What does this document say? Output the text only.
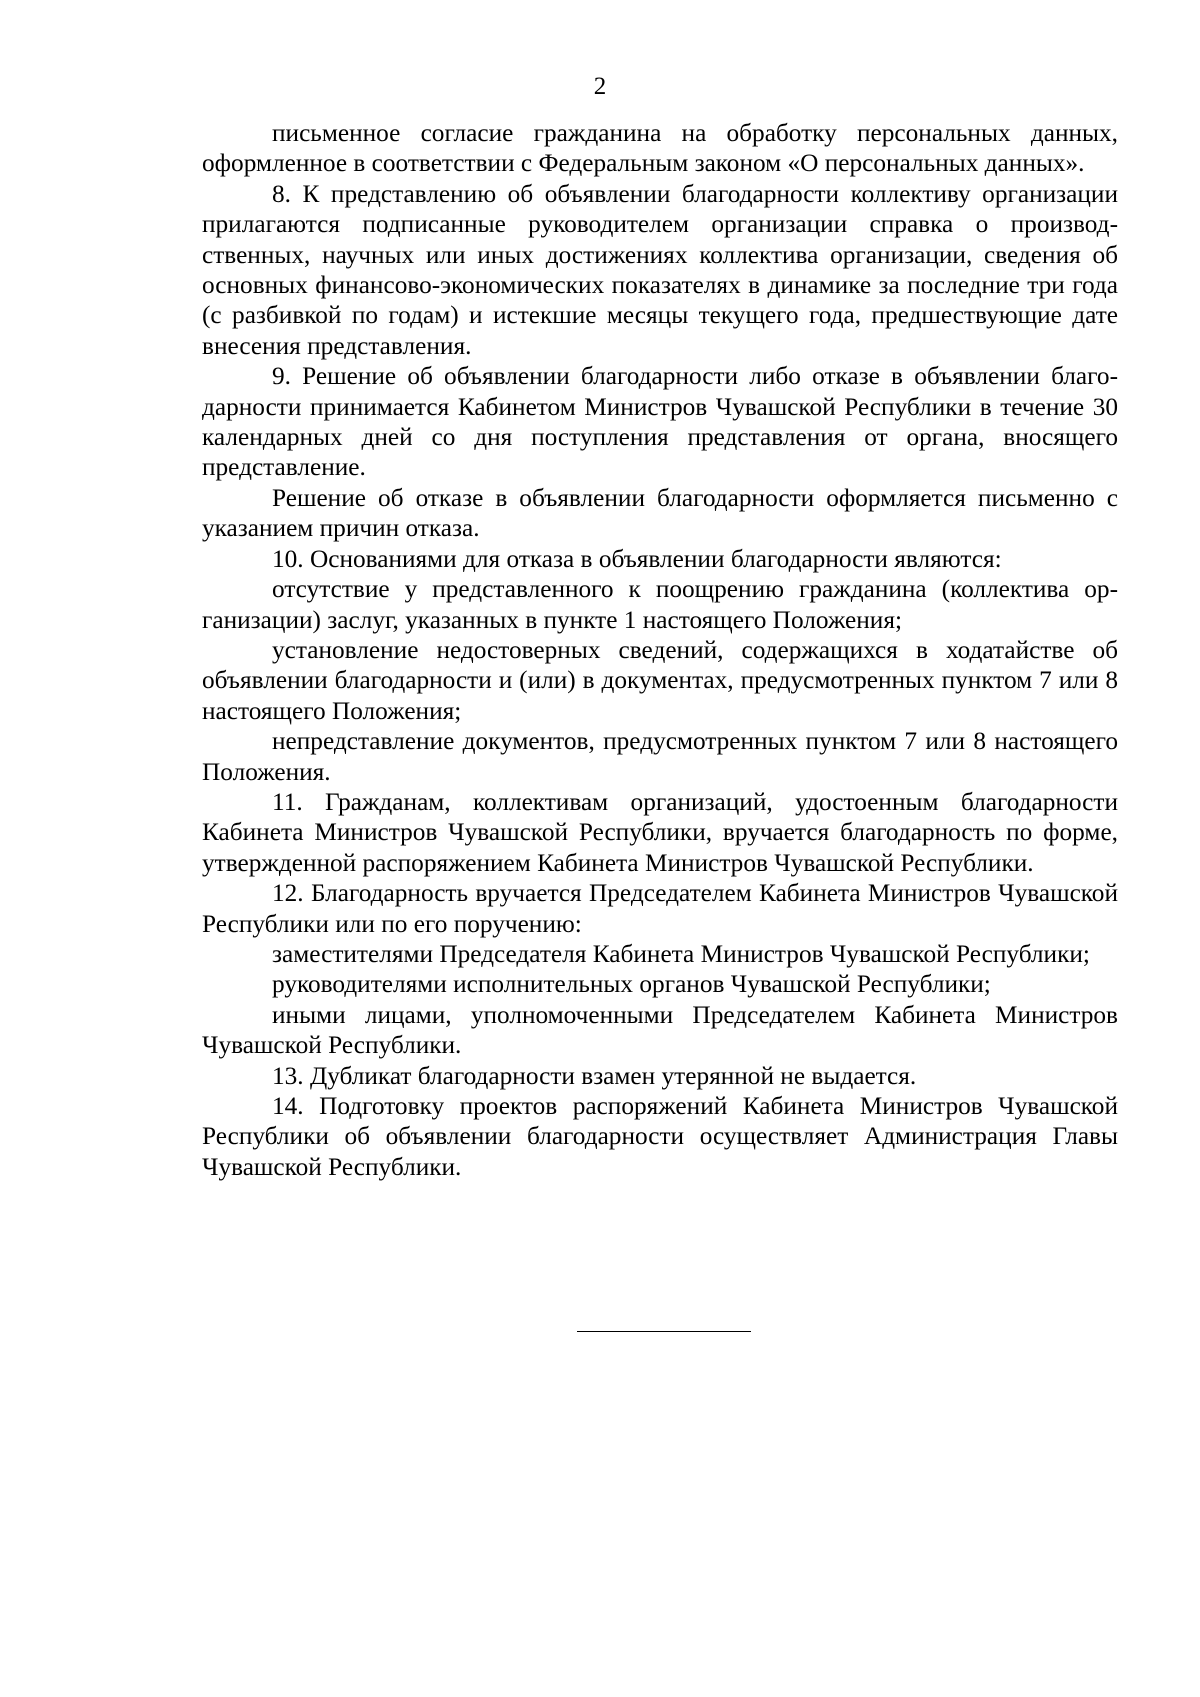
2

письменное согласие гражданина на обработку персональных данных, оформленное в соответствии с Федеральным законом «О персональных данных».

8. К представлению об объявлении благодарности коллективу организации прилагаются подписанные руководителем организации справка о производственных, научных или иных достижениях коллектива организации, сведения об основных финансово-экономических показателях в динамике за последние три года (с разбивкой по годам) и истекшие месяцы текущего года, предшествующие дате внесения представления.

9. Решение об объявлении благодарности либо отказе в объявлении благодарности принимается Кабинетом Министров Чувашской Республики в течение 30 календарных дней со дня поступления представления от органа, вносящего представление.

Решение об отказе в объявлении благодарности оформляется письменно с указанием причин отказа.

10. Основаниями для отказа в объявлении благодарности являются:

отсутствие у представленного к поощрению гражданина (коллектива организации) заслуг, указанных в пункте 1 настоящего Положения;

установление недостоверных сведений, содержащихся в ходатайстве об объявлении благодарности и (или) в документах, предусмотренных пунктом 7 или 8 настоящего Положения;

непредставление документов, предусмотренных пунктом 7 или 8 настоящего Положения.

11. Гражданам, коллективам организаций, удостоенным благодарности Кабинета Министров Чувашской Республики, вручается благодарность по форме, утвержденной распоряжением Кабинета Министров Чувашской Республики.

12. Благодарность вручается Председателем Кабинета Министров Чувашской Республики или по его поручению:

заместителями Председателя Кабинета Министров Чувашской Республики;

руководителями исполнительных органов Чувашской Республики;

иными лицами, уполномоченными Председателем Кабинета Министров Чувашской Республики.

13. Дубликат благодарности взамен утерянной не выдается.

14. Подготовку проектов распоряжений Кабинета Министров Чувашской Республики об объявлении благодарности осуществляет Администрация Главы Чувашской Республики.
